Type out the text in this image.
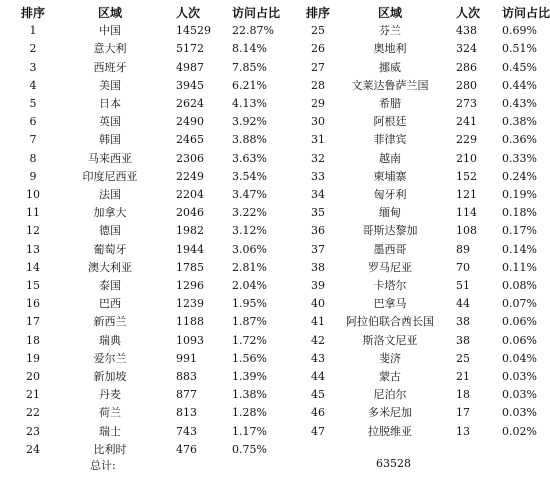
排序	区域	人次	访问占比
1	中国	14529	22.87%
2	意大利	5172	8.14%
3	西班牙	4987	7.85%
4	美国	3945	6.21%
5	日本	2624	4.13%
6	英国	2490	3.92%
7	韩国	2465	3.88%
8	马来西亚	2306	3.63%
9	印度尼西亚	2249	3.54%
10	法国	2204	3.47%
11	加拿大	2046	3.22%
12	德国	1982	3.12%
13	葡萄牙	1944	3.06%
14	澳大利亚	1785	2.81%
15	泰国	1296	2.04%
16	巴西	1239	1.95%
17	新西兰	1188	1.87%
18	瑞典	1093	1.72%
19	爱尔兰	991	1.56%
20	新加坡	883	1.39%
21	丹麦	877	1.38%
22	荷兰	813	1.28%
23	瑞士	743	1.17%
24	比利时	476	0.75%
排序	区域	人次	访问占比
25	芬兰	438	0.69%
26	奥地利	324	0.51%
27	挪威	286	0.45%
28	文莱达鲁萨兰国	280	0.44%
29	希腊	273	0.43%
30	阿根廷	241	0.38%
31	菲律宾	229	0.36%
32	越南	210	0.33%
33	柬埔寨	152	0.24%
34	匈牙利	121	0.19%
35	缅甸	114	0.18%
36	哥斯达黎加	108	0.17%
37	墨西哥	89	0.14%
38	罗马尼亚	70	0.11%
39	卡塔尔	51	0.08%
40	巴拿马	44	0.07%
41	阿拉伯联合酋长国	38	0.06%
42	斯洛文尼亚	38	0.06%
43	斐济	25	0.04%
44	蒙古	21	0.03%
45	尼泊尔	18	0.03%
46	多米尼加	17	0.03%
47	拉脱维亚	13	0.02%
总计:	63528
